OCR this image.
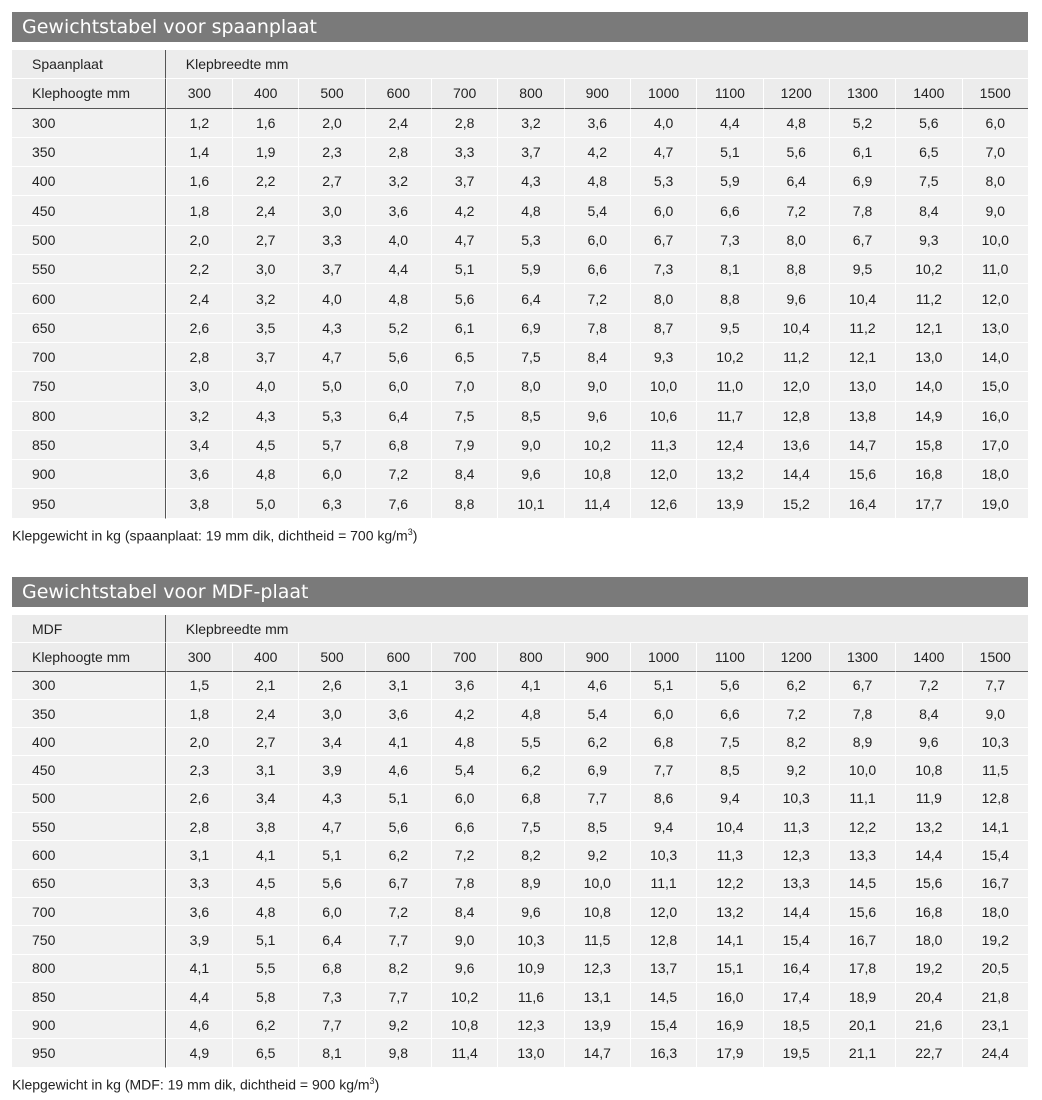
Gewichtstabel voor spaanplaat
Spaanplaat	Klepbreedte mm												
Klephoogte mm	300	400	500	600	700	800	900	1000	1100	1200	1300	1400	1500
300	1,2	1,6	2,0	2,4	2,8	3,2	3,6	4,0	4,4	4,8	5,2	5,6	6,0
350	1,4	1,9	2,3	2,8	3,3	3,7	4,2	4,7	5,1	5,6	6,1	6,5	7,0
400	1,6	2,2	2,7	3,2	3,7	4,3	4,8	5,3	5,9	6,4	6,9	7,5	8,0
450	1,8	2,4	3,0	3,6	4,2	4,8	5,4	6,0	6,6	7,2	7,8	8,4	9,0
500	2,0	2,7	3,3	4,0	4,7	5,3	6,0	6,7	7,3	8,0	6,7	9,3	10,0
550	2,2	3,0	3,7	4,4	5,1	5,9	6,6	7,3	8,1	8,8	9,5	10,2	11,0
600	2,4	3,2	4,0	4,8	5,6	6,4	7,2	8,0	8,8	9,6	10,4	11,2	12,0
650	2,6	3,5	4,3	5,2	6,1	6,9	7,8	8,7	9,5	10,4	11,2	12,1	13,0
700	2,8	3,7	4,7	5,6	6,5	7,5	8,4	9,3	10,2	11,2	12,1	13,0	14,0
750	3,0	4,0	5,0	6,0	7,0	8,0	9,0	10,0	11,0	12,0	13,0	14,0	15,0
800	3,2	4,3	5,3	6,4	7,5	8,5	9,6	10,6	11,7	12,8	13,8	14,9	16,0
850	3,4	4,5	5,7	6,8	7,9	9,0	10,2	11,3	12,4	13,6	14,7	15,8	17,0
900	3,6	4,8	6,0	7,2	8,4	9,6	10,8	12,0	13,2	14,4	15,6	16,8	18,0
950	3,8	5,0	6,3	7,6	8,8	10,1	11,4	12,6	13,9	15,2	16,4	17,7	19,0
Klepgewicht in kg (spaanplaat: 19 mm dik, dichtheid = 700 $kg/m^3$)
Gewichtstabel voor MDF-plaat
MDF	Klepbreedte mm												
Klephoogte mm	300	400	500	600	700	800	900	1000	1100	1200	1300	1400	1500
300	1,5	2,1	2,6	3,1	3,6	4,1	4,6	5,1	5,6	6,2	6,7	7,2	7,7
350	1,8	2,4	3,0	3,6	4,2	4,8	5,4	6,0	6,6	7,2	7,8	8,4	9,0
400	2,0	2,7	3,4	4,1	4,8	5,5	6,2	6,8	7,5	8,2	8,9	9,6	10,3
450	2,3	3,1	3,9	4,6	5,4	6,2	6,9	7,7	8,5	9,2	10,0	10,8	11,5
500	2,6	3,4	4,3	5,1	6,0	6,8	7,7	8,6	9,4	10,3	11,1	11,9	12,8
550	2,8	3,8	4,7	5,6	6,6	7,5	8,5	9,4	10,4	11,3	12,2	13,2	14,1
600	3,1	4,1	5,1	6,2	7,2	8,2	9,2	10,3	11,3	12,3	13,3	14,4	15,4
650	3,3	4,5	5,6	6,7	7,8	8,9	10,0	11,1	12,2	13,3	14,5	15,6	16,7
700	3,6	4,8	6,0	7,2	8,4	9,6	10,8	12,0	13,2	14,4	15,6	16,8	18,0
750	3,9	5,1	6,4	7,7	9,0	10,3	11,5	12,8	14,1	15,4	16,7	18,0	19,2
800	4,1	5,5	6,8	8,2	9,6	10,9	12,3	13,7	15,1	16,4	17,8	19,2	20,5
850	4,4	5,8	7,3	7,7	10,2	11,6	13,1	14,5	16,0	17,4	18,9	20,4	21,8
900	4,6	6,2	7,7	9,2	10,8	12,3	13,9	15,4	16,9	18,5	20,1	21,6	23,1
950	4,9	6,5	8,1	9,8	11,4	13,0	14,7	16,3	17,9	19,5	21,1	22,7	24,4
Klepgewicht in kg (MDF: 19 mm dik, dichtheid = 900 $kg/m^3$)
